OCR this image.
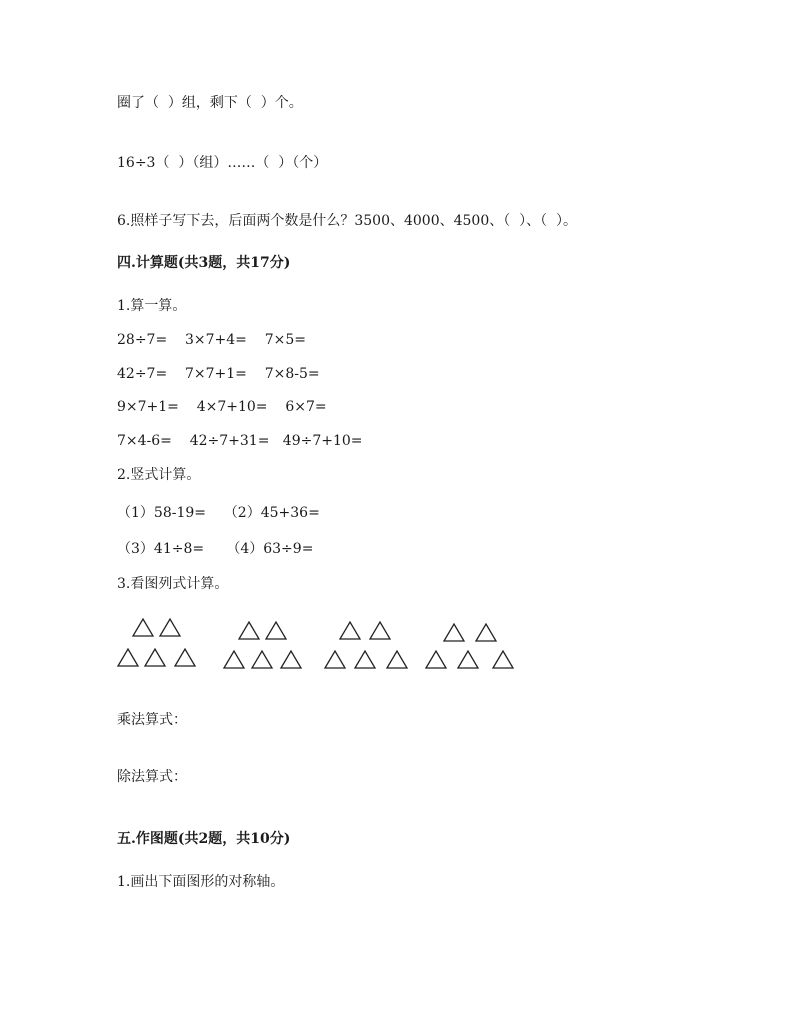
圈了（  ）组，剩下（  ）个。
16÷3（  ）（组）……（  ）（个）
6.照样子写下去，后面两个数是什么？3500、4000、4500、（  ）、（  ）。
四.计算题(共3题，共17分)
1.算一算。
28÷7=    3×7+4=    7×5=
42÷7=    7×7+1=    7×8-5=
9×7+1=    4×7+10=    6×7=
7×4-6=    42÷7+31=   49÷7+10=
2.竖式计算。
（1）58-19=    （2）45+36=
（3）41÷8=     （4）63÷9=
3.看图列式计算。
乘法算式：
除法算式：
五.作图题(共2题，共10分)
1.画出下面图形的对称轴。
